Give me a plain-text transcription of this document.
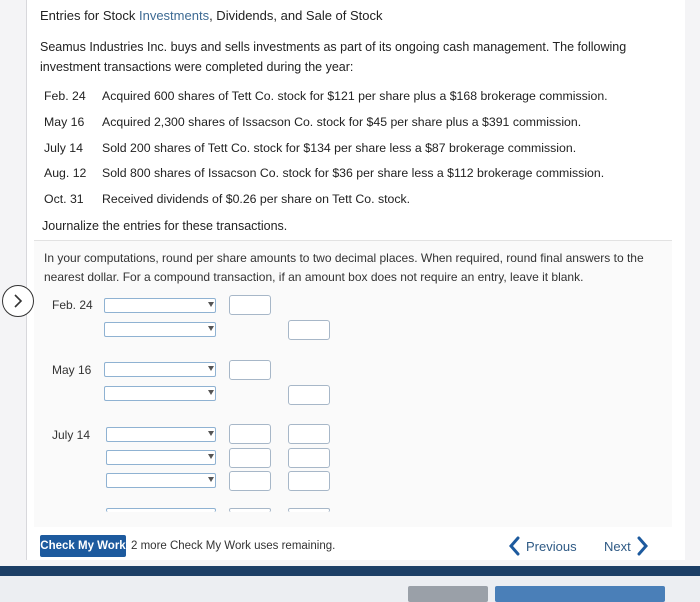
Entries for Stock Investments, Dividends, and Sale of Stock
Seamus Industries Inc. buys and sells investments as part of its ongoing cash management. The following investment transactions were completed during the year:
Feb. 24 Acquired 600 shares of Tett Co. stock for $121 per share plus a $168 brokerage commission.
May 16 Acquired 2,300 shares of Issacson Co. stock for $45 per share plus a $391 commission.
July 14 Sold 200 shares of Tett Co. stock for $134 per share less a $87 brokerage commission.
Aug. 12 Sold 800 shares of Issacson Co. stock for $36 per share less a $112 brokerage commission.
Oct. 31 Received dividends of $0.26 per share on Tett Co. stock.
Journalize the entries for these transactions.
In your computations, round per share amounts to two decimal places. When required, round final answers to the nearest dollar. For a compound transaction, if an amount box does not require an entry, leave it blank.
Feb. 24
May 16
July 14
Check My Work 2 more Check My Work uses remaining.	Previous Next
